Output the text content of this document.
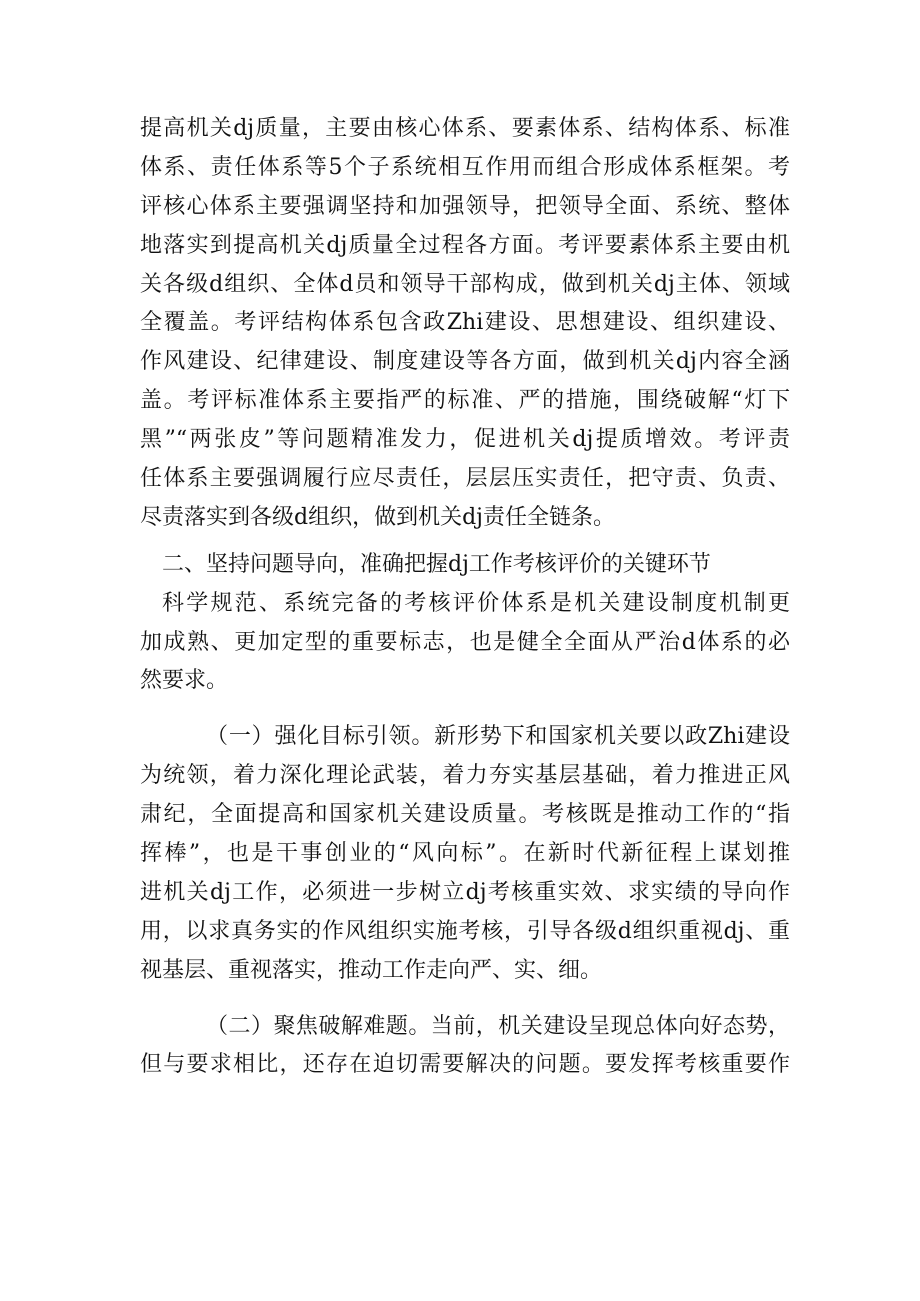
提高机关dj质量，主要由核心体系、要素体系、结构体系、标准
体系、责任体系等5个子系统相互作用而组合形成体系框架。考
评核心体系主要强调坚持和加强领导，把领导全面、系统、整体
地落实到提高机关dj质量全过程各方面。考评要素体系主要由机
关各级d组织、全体d员和领导干部构成，做到机关dj主体、领域
全覆盖。考评结构体系包含政Zhi建设、思想建设、组织建设、
作风建设、纪律建设、制度建设等各方面，做到机关dj内容全涵
盖。考评标准体系主要指严的标准、严的措施，围绕破解“灯下
黑”“两张皮”等问题精准发力，促进机关dj提质增效。考评责
任体系主要强调履行应尽责任，层层压实责任，把守责、负责、
尽责落实到各级d组织，做到机关dj责任全链条。
二、坚持问题导向，准确把握dj工作考核评价的关键环节
科学规范、系统完备的考核评价体系是机关建设制度机制更
加成熟、更加定型的重要标志，也是健全全面从严治d体系的必
然要求。
（一）强化目标引领。新形势下和国家机关要以政Zhi建设
为统领，着力深化理论武装，着力夯实基层基础，着力推进正风
肃纪，全面提高和国家机关建设质量。考核既是推动工作的“指
挥棒”，也是干事创业的“风向标”。在新时代新征程上谋划推
进机关dj工作，必须进一步树立dj考核重实效、求实绩的导向作
用，以求真务实的作风组织实施考核，引导各级d组织重视dj、重
视基层、重视落实，推动工作走向严、实、细。
（二）聚焦破解难题。当前，机关建设呈现总体向好态势，
但与要求相比，还存在迫切需要解决的问题。要发挥考核重要作
